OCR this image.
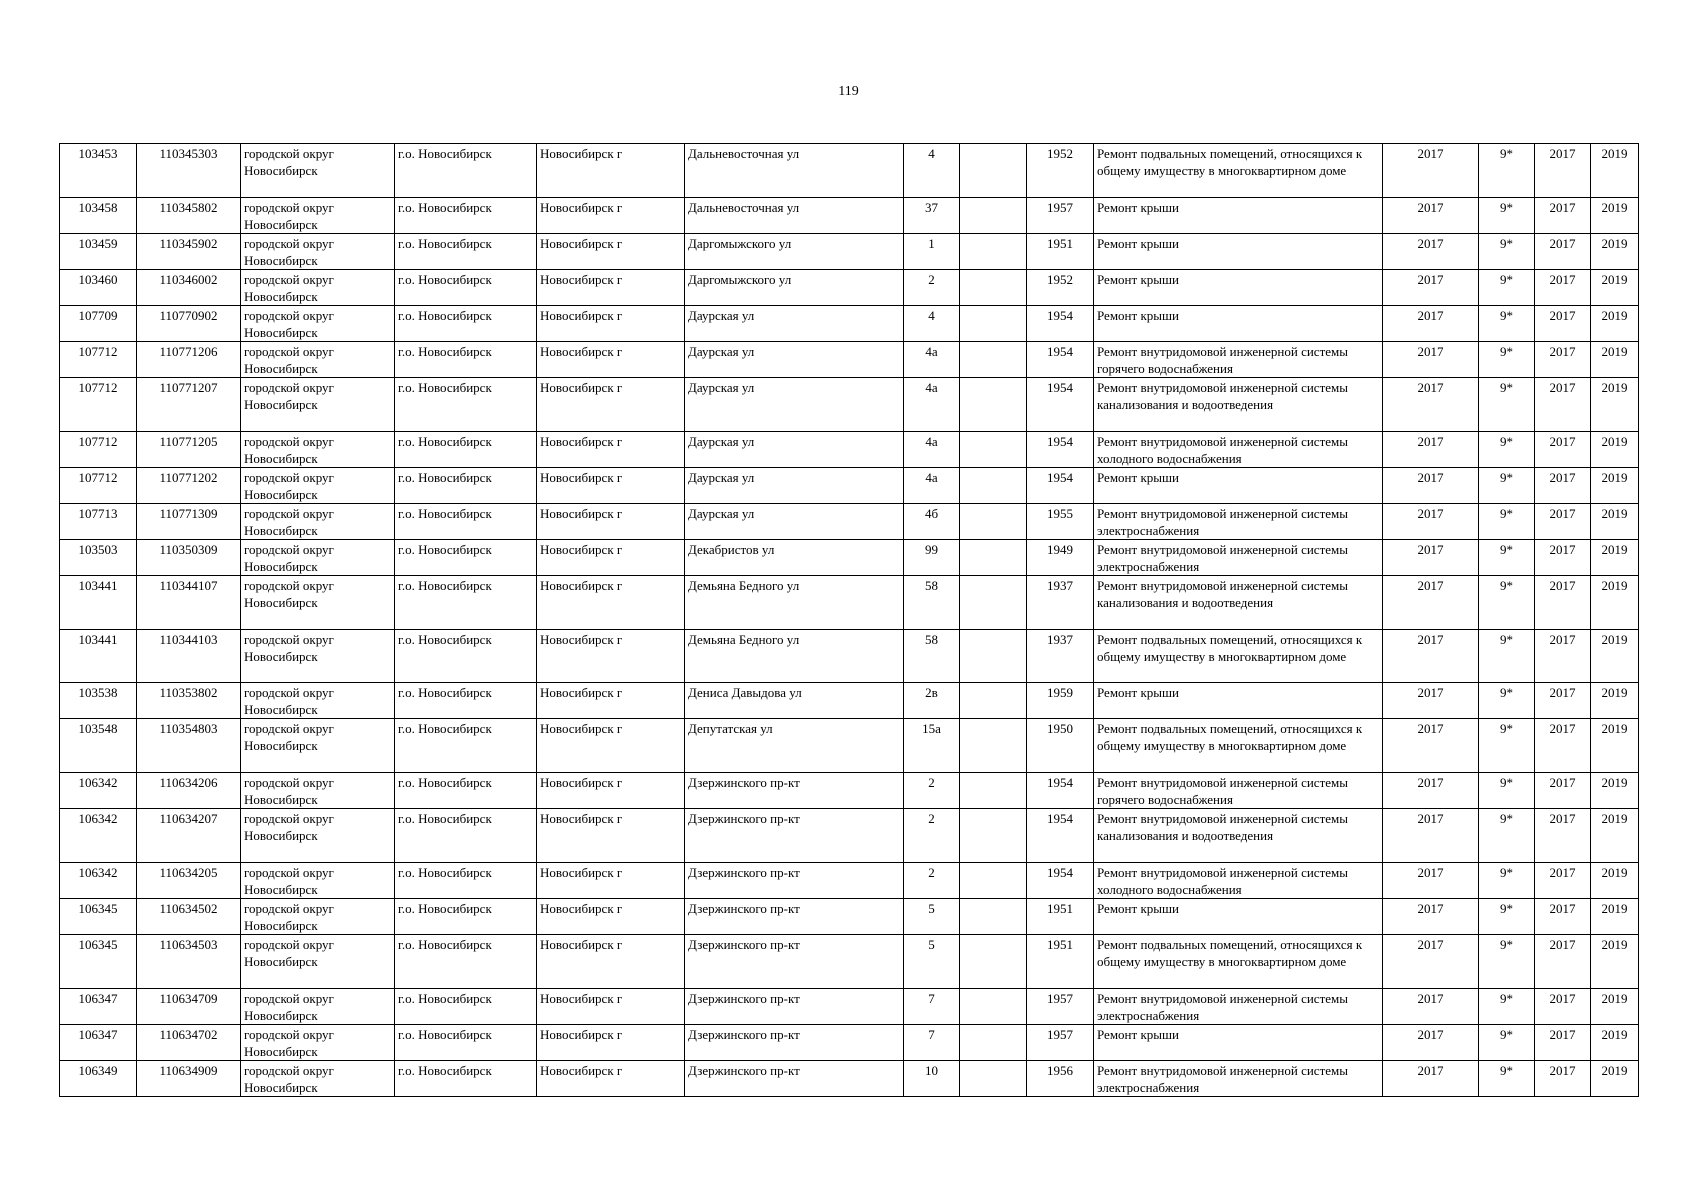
119
103453	110345303	городской округ Новосибирск	г.о. Новосибирск	Новосибирск г	Дальневосточная ул	4		1952	Ремонт подвальных помещений, относящихся к общему имуществу в многоквартирном доме	2017	9*	2017	2019
103458	110345802	городской округ Новосибирск	г.о. Новосибирск	Новосибирск г	Дальневосточная ул	37		1957	Ремонт крыши	2017	9*	2017	2019
103459	110345902	городской округ Новосибирск	г.о. Новосибирск	Новосибирск г	Даргомыжского ул	1		1951	Ремонт крыши	2017	9*	2017	2019
103460	110346002	городской округ Новосибирск	г.о. Новосибирск	Новосибирск г	Даргомыжского ул	2		1952	Ремонт крыши	2017	9*	2017	2019
107709	110770902	городской округ Новосибирск	г.о. Новосибирск	Новосибирск г	Даурская ул	4		1954	Ремонт крыши	2017	9*	2017	2019
107712	110771206	городской округ Новосибирск	г.о. Новосибирск	Новосибирск г	Даурская ул	4а		1954	Ремонт внутридомовой инженерной системы горячего водоснабжения	2017	9*	2017	2019
107712	110771207	городской округ Новосибирск	г.о. Новосибирск	Новосибирск г	Даурская ул	4а		1954	Ремонт внутридомовой инженерной системы канализования и водоотведения	2017	9*	2017	2019
107712	110771205	городской округ Новосибирск	г.о. Новосибирск	Новосибирск г	Даурская ул	4а		1954	Ремонт внутридомовой инженерной системы холодного водоснабжения	2017	9*	2017	2019
107712	110771202	городской округ Новосибирск	г.о. Новосибирск	Новосибирск г	Даурская ул	4а		1954	Ремонт крыши	2017	9*	2017	2019
107713	110771309	городской округ Новосибирск	г.о. Новосибирск	Новосибирск г	Даурская ул	4б		1955	Ремонт внутридомовой инженерной системы электроснабжения	2017	9*	2017	2019
103503	110350309	городской округ Новосибирск	г.о. Новосибирск	Новосибирск г	Декабристов ул	99		1949	Ремонт внутридомовой инженерной системы электроснабжения	2017	9*	2017	2019
103441	110344107	городской округ Новосибирск	г.о. Новосибирск	Новосибирск г	Демьяна Бедного ул	58		1937	Ремонт внутридомовой инженерной системы канализования и водоотведения	2017	9*	2017	2019
103441	110344103	городской округ Новосибирск	г.о. Новосибирск	Новосибирск г	Демьяна Бедного ул	58		1937	Ремонт подвальных помещений, относящихся к общему имуществу в многоквартирном доме	2017	9*	2017	2019
103538	110353802	городской округ Новосибирск	г.о. Новосибирск	Новосибирск г	Дениса Давыдова ул	2в		1959	Ремонт крыши	2017	9*	2017	2019
103548	110354803	городской округ Новосибирск	г.о. Новосибирск	Новосибирск г	Депутатская ул	15а		1950	Ремонт подвальных помещений, относящихся к общему имуществу в многоквартирном доме	2017	9*	2017	2019
106342	110634206	городской округ Новосибирск	г.о. Новосибирск	Новосибирск г	Дзержинского пр-кт	2		1954	Ремонт внутридомовой инженерной системы горячего водоснабжения	2017	9*	2017	2019
106342	110634207	городской округ Новосибирск	г.о. Новосибирск	Новосибирск г	Дзержинского пр-кт	2		1954	Ремонт внутридомовой инженерной системы канализования и водоотведения	2017	9*	2017	2019
106342	110634205	городской округ Новосибирск	г.о. Новосибирск	Новосибирск г	Дзержинского пр-кт	2		1954	Ремонт внутридомовой инженерной системы холодного водоснабжения	2017	9*	2017	2019
106345	110634502	городской округ Новосибирск	г.о. Новосибирск	Новосибирск г	Дзержинского пр-кт	5		1951	Ремонт крыши	2017	9*	2017	2019
106345	110634503	городской округ Новосибирск	г.о. Новосибирск	Новосибирск г	Дзержинского пр-кт	5		1951	Ремонт подвальных помещений, относящихся к общему имуществу в многоквартирном доме	2017	9*	2017	2019
106347	110634709	городской округ Новосибирск	г.о. Новосибирск	Новосибирск г	Дзержинского пр-кт	7		1957	Ремонт внутридомовой инженерной системы электроснабжения	2017	9*	2017	2019
106347	110634702	городской округ Новосибирск	г.о. Новосибирск	Новосибирск г	Дзержинского пр-кт	7		1957	Ремонт крыши	2017	9*	2017	2019
106349	110634909	городской округ Новосибирск	г.о. Новосибирск	Новосибирск г	Дзержинского пр-кт	10		1956	Ремонт внутридомовой инженерной системы электроснабжения	2017	9*	2017	2019
